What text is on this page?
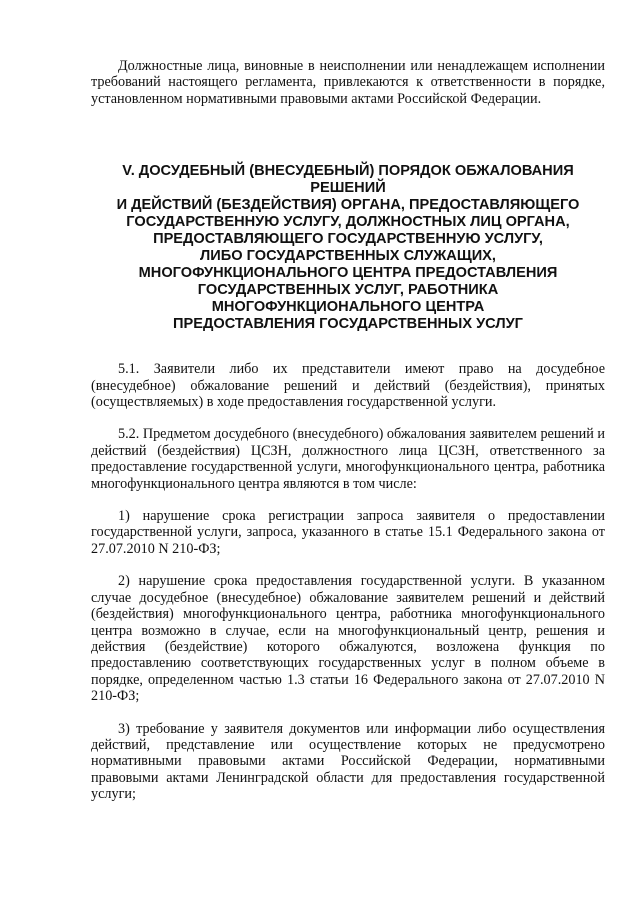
Должностные лица, виновные в неисполнении или ненадлежащем исполнении требований настоящего регламента, привлекаются к ответственности в порядке, установленном нормативными правовыми актами Российской Федерации.

V. ДОСУДЕБНЫЙ (ВНЕСУДЕБНЫЙ) ПОРЯДОК ОБЖАЛОВАНИЯ
РЕШЕНИЙ
И ДЕЙСТВИЙ (БЕЗДЕЙСТВИЯ) ОРГАНА, ПРЕДОСТАВЛЯЮЩЕГО
ГОСУДАРСТВЕННУЮ УСЛУГУ, ДОЛЖНОСТНЫХ ЛИЦ ОРГАНА,
ПРЕДОСТАВЛЯЮЩЕГО ГОСУДАРСТВЕННУЮ УСЛУГУ,
ЛИБО ГОСУДАРСТВЕННЫХ СЛУЖАЩИХ,
МНОГОФУНКЦИОНАЛЬНОГО ЦЕНТРА ПРЕДОСТАВЛЕНИЯ
ГОСУДАРСТВЕННЫХ УСЛУГ, РАБОТНИКА
МНОГОФУНКЦИОНАЛЬНОГО ЦЕНТРА
ПРЕДОСТАВЛЕНИЯ ГОСУДАРСТВЕННЫХ УСЛУГ

5.1. Заявители либо их представители имеют право на досудебное (внесудебное) обжалование решений и действий (бездействия), принятых (осуществляемых) в ходе предоставления государственной услуги.

5.2. Предметом досудебного (внесудебного) обжалования заявителем решений и действий (бездействия) ЦСЗН, должностного лица ЦСЗН, ответственного за предоставление государственной услуги, многофункционального центра, работника многофункционального центра являются в том числе:

1) нарушение срока регистрации запроса заявителя о предоставлении государственной услуги, запроса, указанного в статье 15.1 Федерального закона от 27.07.2010 N 210-ФЗ;

2) нарушение срока предоставления государственной услуги. В указанном случае досудебное (внесудебное) обжалование заявителем решений и действий (бездействия) многофункционального центра, работника многофункционального центра возможно в случае, если на многофункциональный центр, решения и действия (бездействие) которого обжалуются, возложена функция по предоставлению соответствующих государственных услуг в полном объеме в порядке, определенном частью 1.3 статьи 16 Федерального закона от 27.07.2010 N 210-ФЗ;

3) требование у заявителя документов или информации либо осуществления действий, представление или осуществление которых не предусмотрено нормативными правовыми актами Российской Федерации, нормативными правовыми актами Ленинградской области для предоставления государственной услуги;
